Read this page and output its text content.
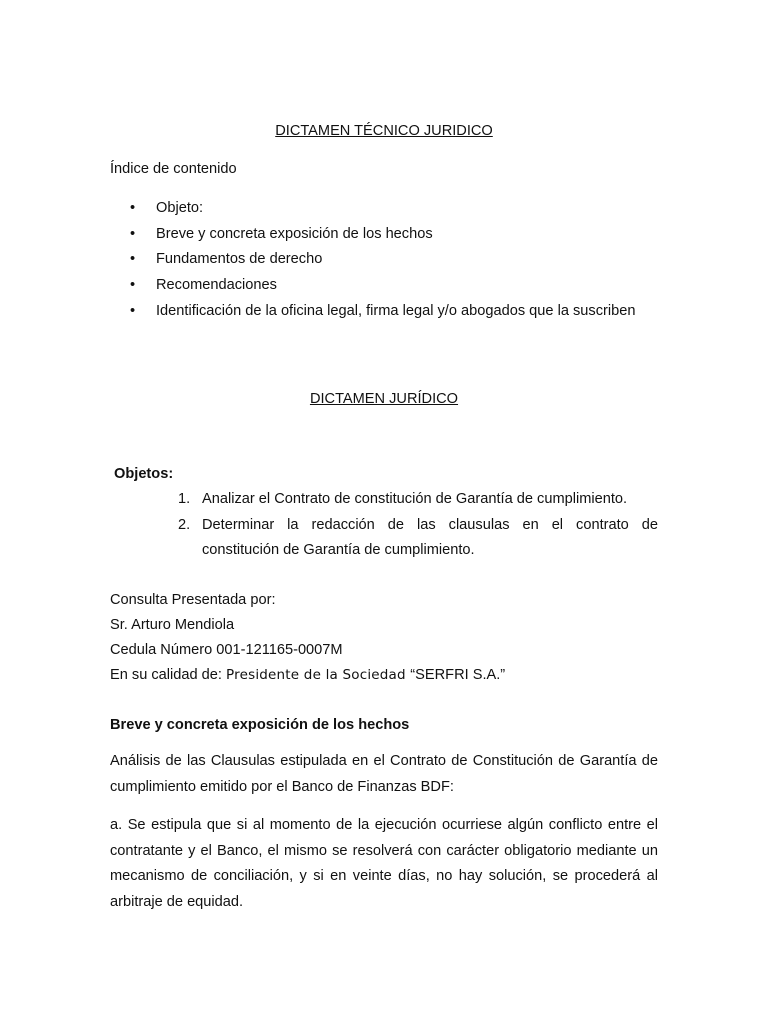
DICTAMEN TÉCNICO JURIDICO

Índice de contenido

• Objeto:
• Breve y concreta exposición de los hechos
• Fundamentos de derecho
• Recomendaciones
• Identificación de la oficina legal, firma legal y/o abogados que la suscriben

DICTAMEN JURÍDICO

Objetos:

1. Analizar el Contrato de constitución de Garantía de cumplimiento.
2. Determinar la redacción de las clausulas en el contrato de constitución de Garantía de cumplimiento.

Consulta Presentada por:

Sr. Arturo Mendiola

Cedula Número 001-121165-0007M

En su calidad de: Presidente de la Sociedad “SERFRI S.A.”

Breve y concreta exposición de los hechos

Análisis de las Clausulas estipulada en el Contrato de Constitución de Garantía de cumplimiento emitido por el Banco de Finanzas BDF:

a. Se estipula que si al momento de la ejecución ocurriese algún conflicto entre el contratante y el Banco, el mismo se resolverá con carácter obligatorio mediante un mecanismo de conciliación, y si en veinte días, no hay solución, se procederá al arbitraje de equidad.
